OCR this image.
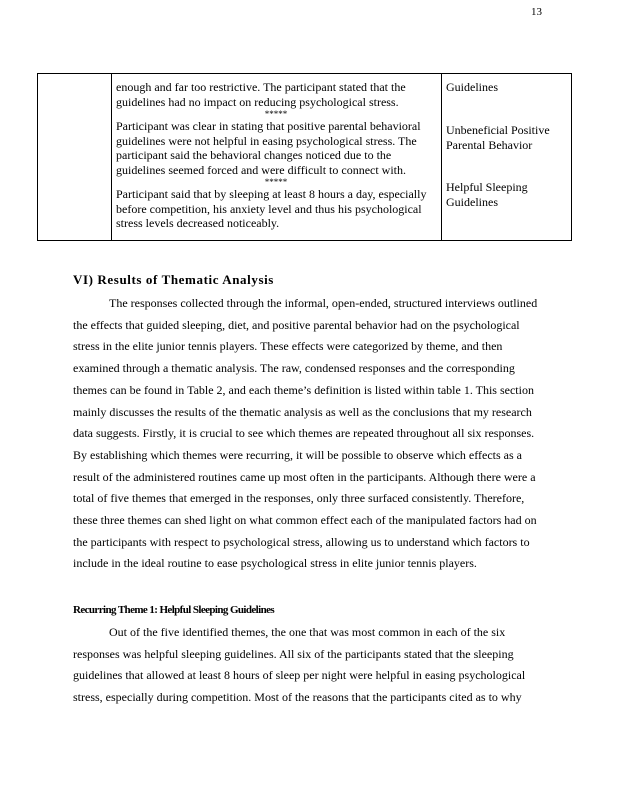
13
enough and far too restrictive. The participant stated that the guidelines had no impact on reducing psychological stress.
*****
Participant was clear in stating that positive parental behavioral guidelines were not helpful in easing psychological stress. The participant said the behavioral changes noticed due to the guidelines seemed forced and were difficult to connect with.
*****
Participant said that by sleeping at least 8 hours a day, especially before competition, his anxiety level and thus his psychological stress levels decreased noticeably.
Guidelines
Unbeneficial Positive Parental Behavior
Helpful Sleeping Guidelines
VI) Results of Thematic Analysis

The responses collected through the informal, open-ended, structured interviews outlined the effects that guided sleeping, diet, and positive parental behavior had on the psychological stress in the elite junior tennis players. These effects were categorized by theme, and then examined through a thematic analysis. The raw, condensed responses and the corresponding themes can be found in Table 2, and each theme’s definition is listed within table 1. This section mainly discusses the results of the thematic analysis as well as the conclusions that my research data suggests. Firstly, it is crucial to see which themes are repeated throughout all six responses. By establishing which themes were recurring, it will be possible to observe which effects as a result of the administered routines came up most often in the participants. Although there were a total of five themes that emerged in the responses, only three surfaced consistently. Therefore, these three themes can shed light on what common effect each of the manipulated factors had on the participants with respect to psychological stress, allowing us to understand which factors to include in the ideal routine to ease psychological stress in elite junior tennis players.

Recurring Theme 1: Helpful Sleeping Guidelines

Out of the five identified themes, the one that was most common in each of the six responses was helpful sleeping guidelines. All six of the participants stated that the sleeping guidelines that allowed at least 8 hours of sleep per night were helpful in easing psychological stress, especially during competition. Most of the reasons that the participants cited as to why
